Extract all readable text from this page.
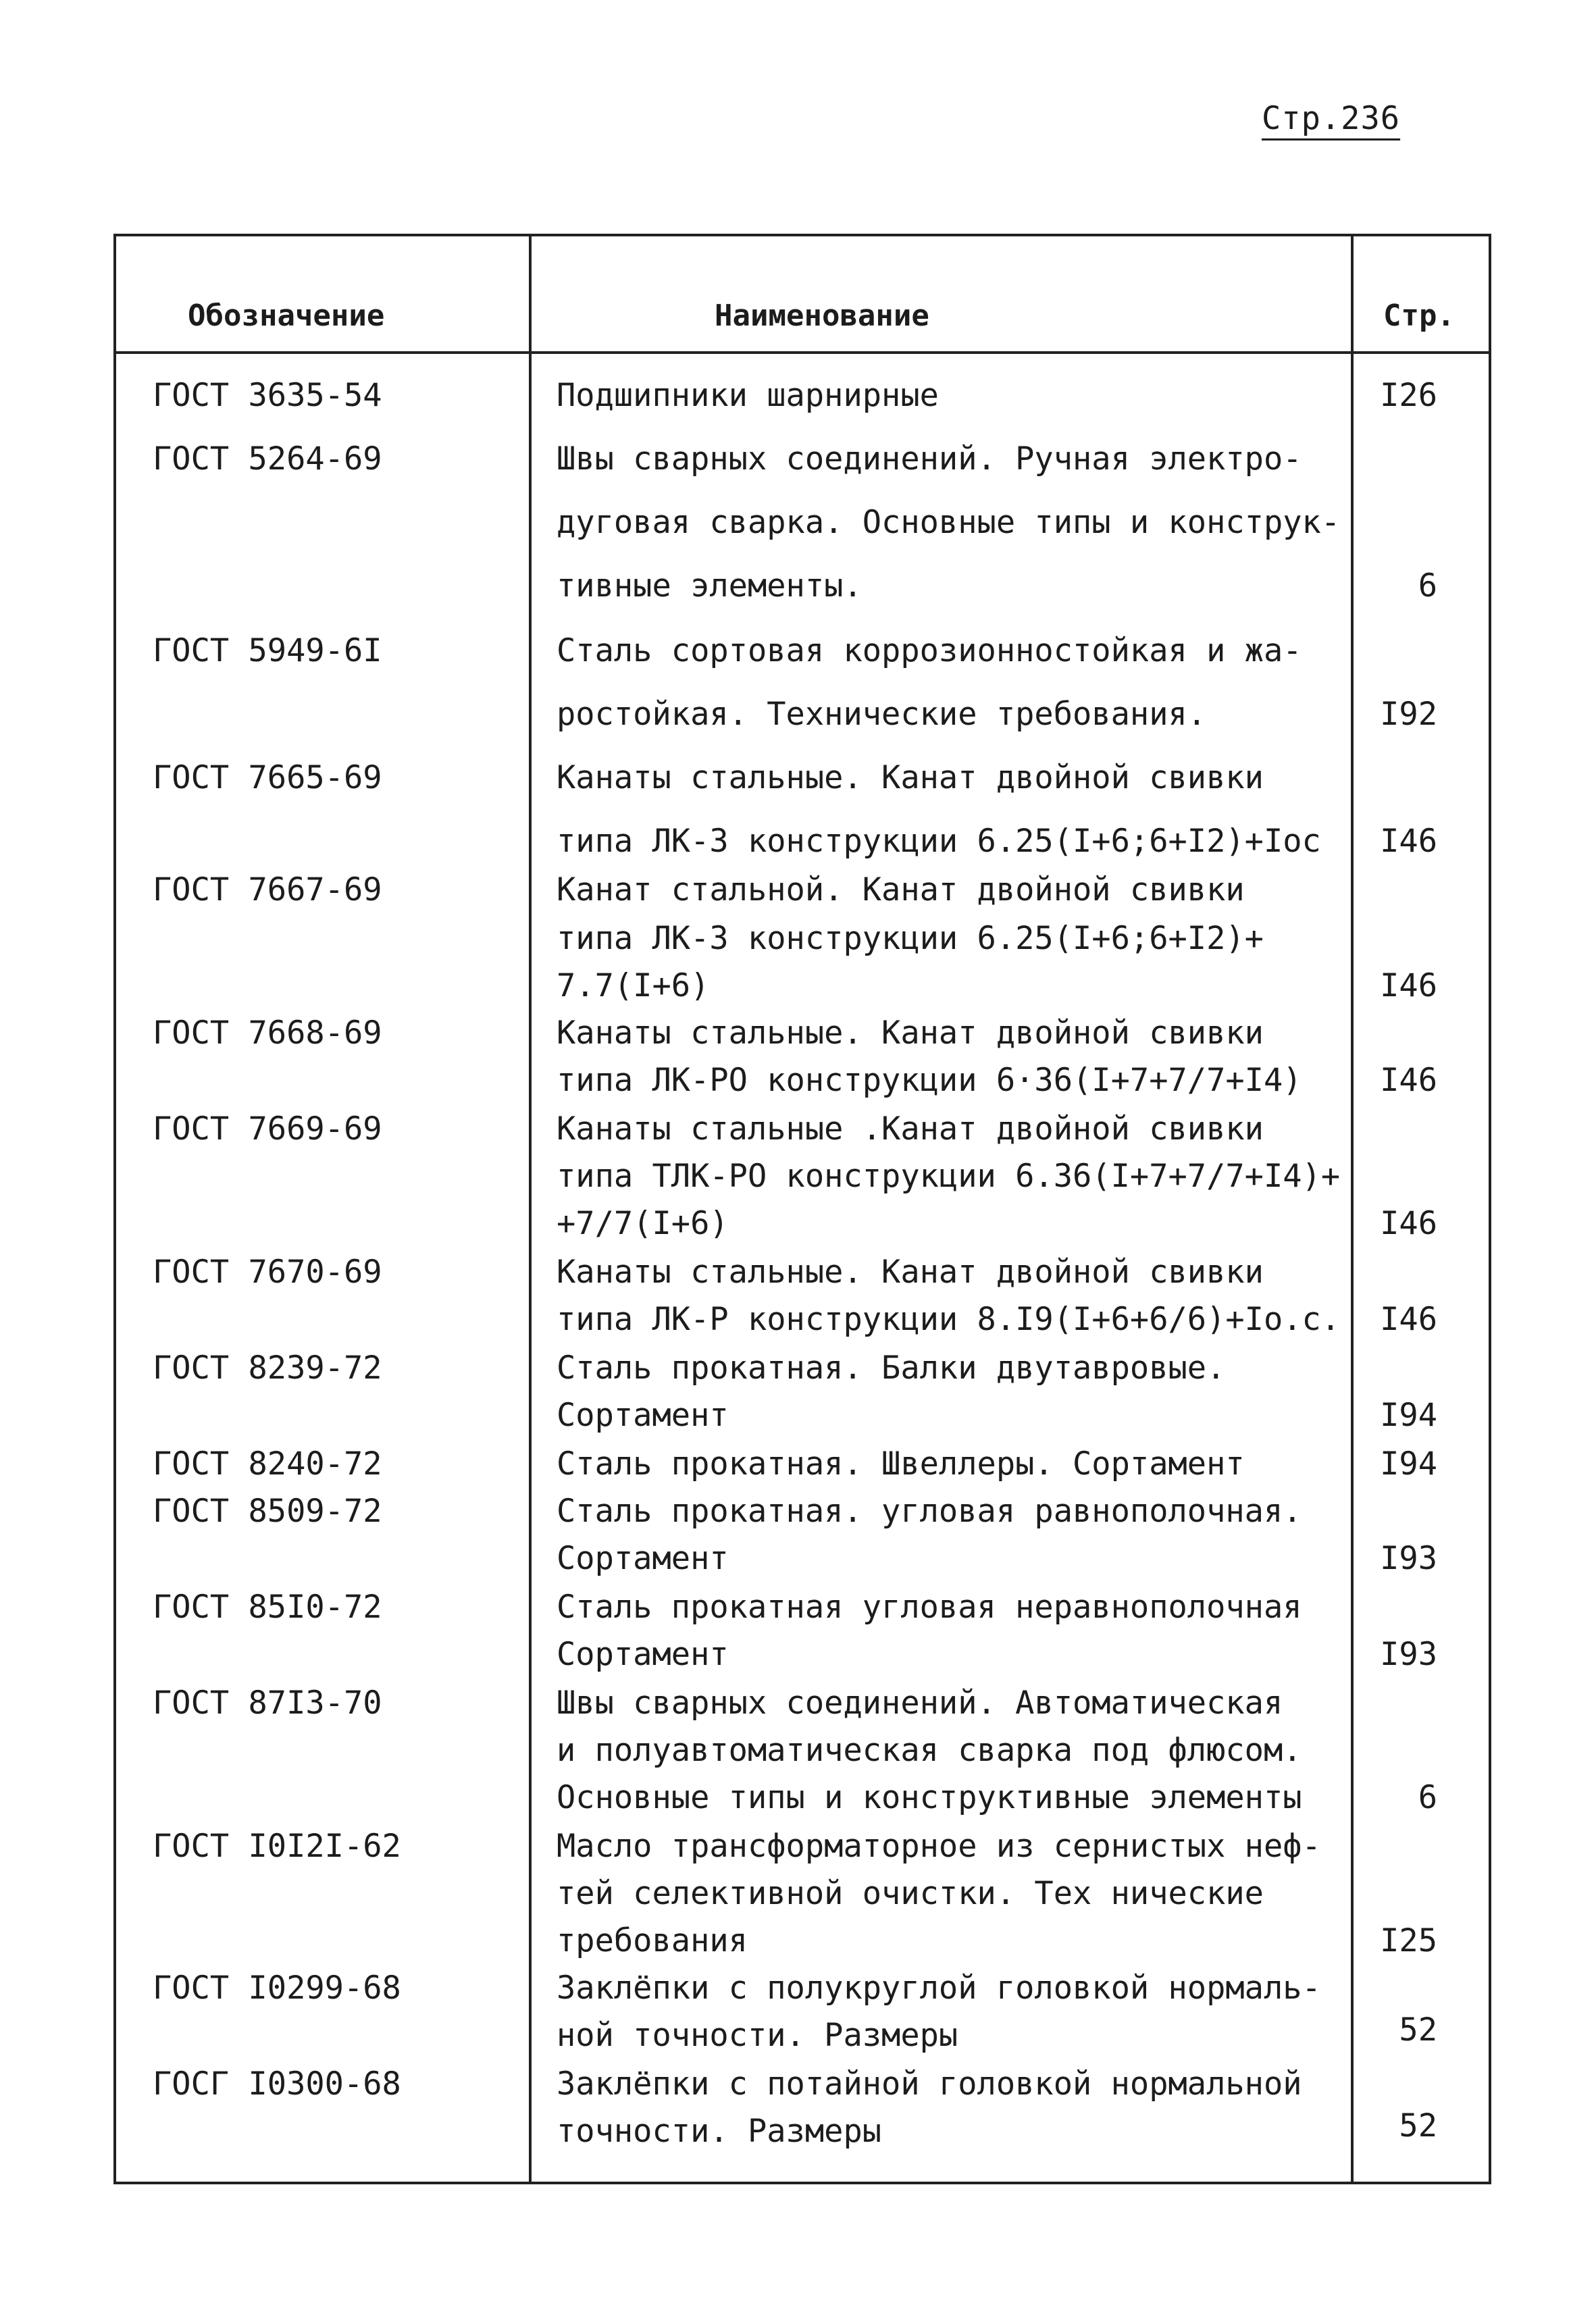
Стр.236
Обозначение	Наименование	Стр.
ГОСТ 3635-54	Подшипники шарнирные	I26
ГОСТ 5264-69	Швы сварных соединений. Ручная электро-
дуговая сварка. Основные типы и конструк-
тивные элементы.	6
ГОСТ 5949-6I	Сталь сортовая коррозионностойкая и жа-
ростойкая. Технические требования.	I92
ГОСТ 7665-69	Канаты стальные. Канат двойной свивки
типа ЛК-3 конструкции 6.25(I+6;6+I2)+Iос I46
ГОСТ 7667-69	Канат стальной. Канат двойной свивки
типа ЛК-3 конструкции 6.25(I+6;6+I2)+
7.7(I+6)	I46
ГОСТ 7668-69	Канаты стальные. Канат двойной свивки
типа ЛК-РО конструкции 6·36(I+7+7/7+I4) I46
ГОСТ 7669-69	Канаты стальные .Канат двойной свивки
типа ТЛК-РО конструкции 6.36(I+7+7/7+I4)+
+7/7(I+6)	I46
ГОСТ 7670-69	Канаты стальные. Канат двойной свивки
типа ЛК-Р конструкции 8.I9(I+6+6/6)+Iо.с. I46
ГОСТ 8239-72	Сталь прокатная. Балки двутавровые.
Сортамент	I94
ГОСТ 8240-72	Сталь прокатная. Швеллеры. Сортамент	I94
ГОСТ 8509-72	Сталь прокатная. угловая равнополочная.
Сортамент	I93
ГОСТ 85I0-72	Сталь прокатная угловая неравнополочная
Сортамент	I93
ГОСТ 87I3-70	Швы сварных соединений. Автоматическая
и полуавтоматическая сварка под флюсом.
Основные типы и конструктивные элементы	6
ГОСТ I0I2I-62	Масло трансформаторное из сернистых неф-
тей селективной очистки. Тех нические
требования	I25
ГОСТ I0299-68	Заклёпки с полукруглой головкой нормаль-
ной точности. Размеры	52
ГОСГ I0300-68	Заклёпки с потайной головкой нормальной
точности. Размеры	52
